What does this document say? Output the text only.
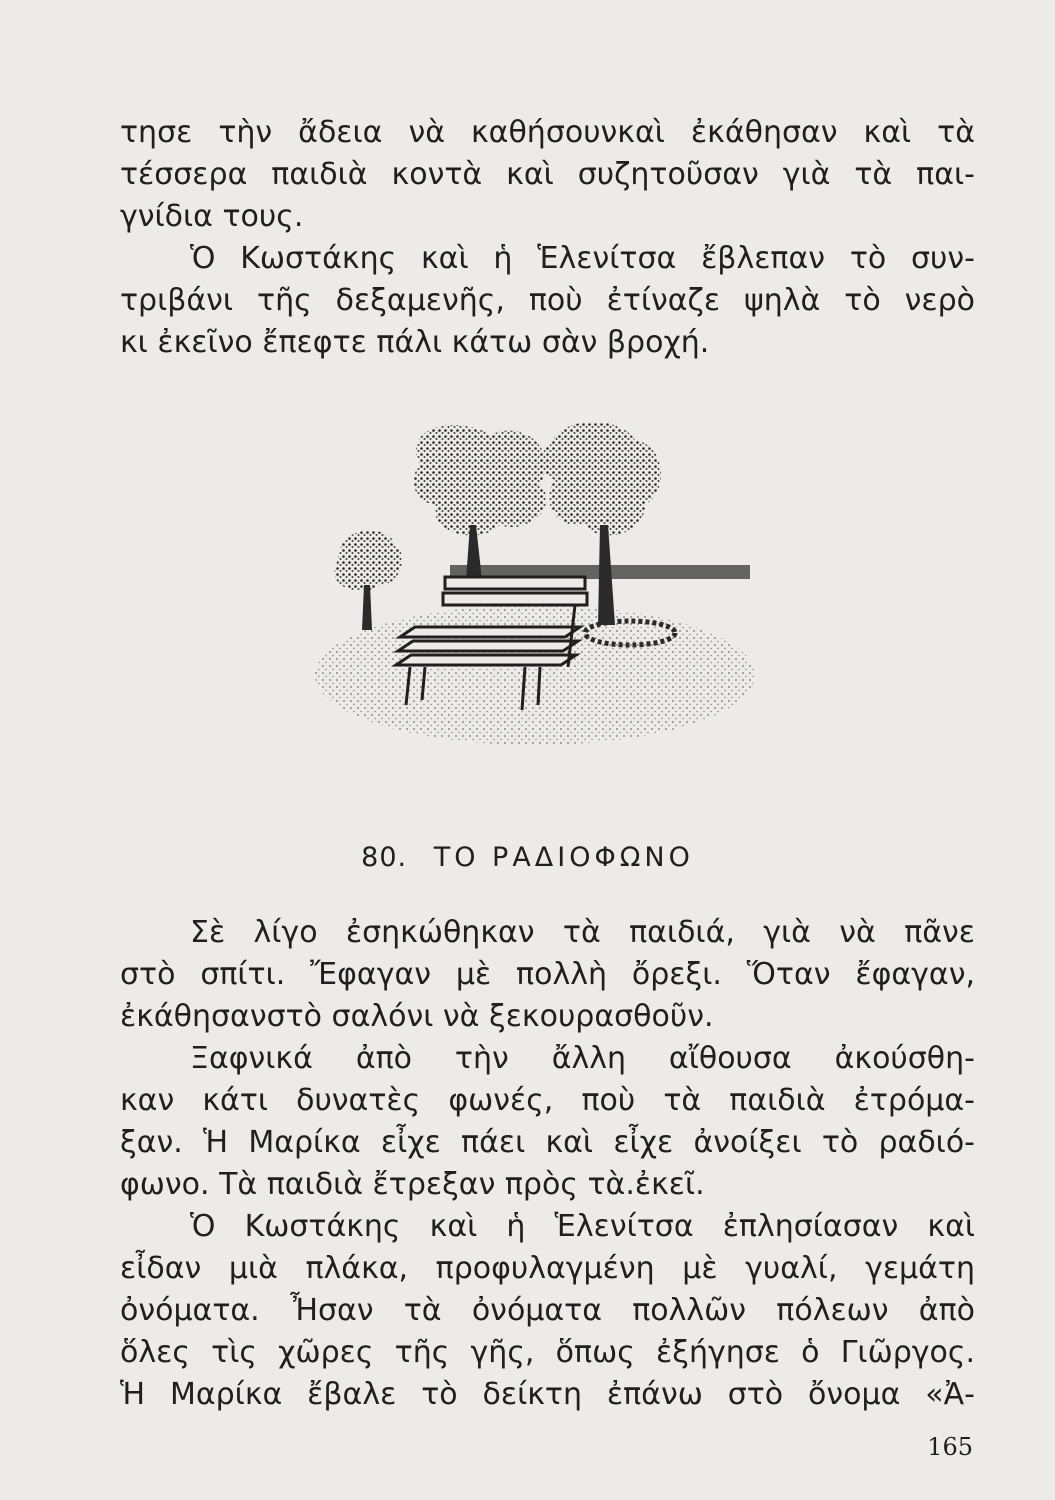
τησε τὴν ἄδεια νὰ καθήσουνκαὶ ἐκάθησαν καὶ τὰ
τέσσερα παιδιὰ κοντὰ καὶ συζητοῦσαν γιὰ τὰ παι-
γνίδια τους.
Ὁ Κωστάκης καὶ ἡ Ἑλενίτσα ἔβλεπαν τὸ συν-
τριβάνι τῆς δεξαμενῆς, ποὺ ἐτίναζε ψηλὰ τὸ νερὸ
κι ἐκεῖνο ἔπεφτε πάλι κάτω σὰν βροχή.
80. ΤΟ ΡΑΔΙΟΦΩΝΟ
Σὲ λίγο ἐσηκώθηκαν τὰ παιδιά, γιὰ νὰ πᾶνε
στὸ σπίτι. Ἔφαγαν μὲ πολλὴ ὄρεξι. Ὅταν ἔφαγαν,
ἐκάθησανστὸ σαλόνι νὰ ξεκουρασθοῦν.
Ξαφνικά ἀπὸ τὴν ἄλλη αἴθουσα ἀκούσθη-
καν κάτι δυνατὲς φωνές, ποὺ τὰ παιδιὰ ἐτρόμα-
ξαν. Ἡ Μαρίκα εἶχε πάει καὶ εἶχε ἀνοίξει τὸ ραδιό-
φωνο. Τὰ παιδιὰ ἔτρεξαν πρὸς τὰ.ἐκεῖ.
Ὁ Κωστάκης καὶ ἡ Ἑλενίτσα ἐπλησίασαν καὶ
εἶδαν μιὰ πλάκα, προφυλαγμένη μὲ γυαλί, γεμάτη
ὀνόματα. Ἦσαν τὰ ὀνόματα πολλῶν πόλεων ἀπὸ
ὅλες τὶς χῶρες τῆς γῆς, ὅπως ἐξήγησε ὁ Γιῶργος.
Ἡ Μαρίκα ἔβαλε τὸ δείκτη ἐπάνω στὸ ὄνομα «Ἀ-
165
